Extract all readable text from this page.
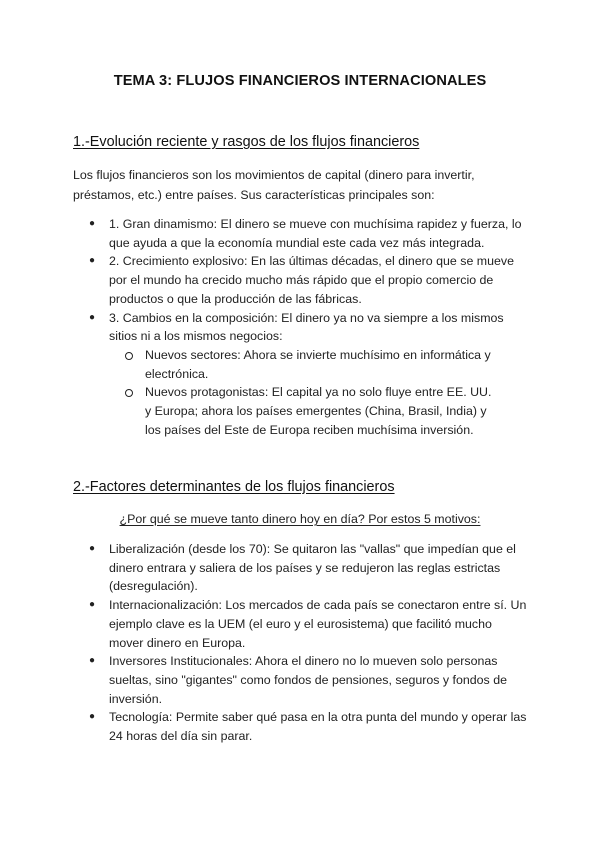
TEMA 3: FLUJOS FINANCIEROS INTERNACIONALES
1.-Evolución reciente y rasgos de los flujos financieros

Los flujos financieros son los movimientos de capital (dinero para invertir, préstamos, etc.) entre países. Sus características principales son:

● 1. Gran dinamismo: El dinero se mueve con muchísima rapidez y fuerza, lo que ayuda a que la economía mundial este cada vez más integrada.
● 2. Crecimiento explosivo: En las últimas décadas, el dinero que se mueve por el mundo ha crecido mucho más rápido que el propio comercio de productos o que la producción de las fábricas.
● 3. Cambios en la composición: El dinero ya no va siempre a los mismos sitios ni a los mismos negocios:
Nuevos sectores: Ahora se invierte muchísimo en informática y electrónica.
Nuevos protagonistas: El capital ya no solo fluye entre EE. UU. y Europa; ahora los países emergentes (China, Brasil, India) y los países del Este de Europa reciben muchísima inversión.
2.-Factores determinantes de los flujos financieros
¿Por qué se mueve tanto dinero hoy en día? Por estos 5 motivos:
● Liberalización (desde los 70): Se quitaron las "vallas" que impedían que el dinero entrara y saliera de los países y se redujeron las reglas estrictas (desregulación).
● Internacionalización: Los mercados de cada país se conectaron entre sí. Un ejemplo clave es la UEM (el euro y el eurosistema) que facilitó mucho mover dinero en Europa.
● Inversores Institucionales: Ahora el dinero no lo mueven solo personas sueltas, sino "gigantes" como fondos de pensiones, seguros y fondos de inversión.
● Tecnología: Permite saber qué pasa en la otra punta del mundo y operar las 24 horas del día sin parar.
